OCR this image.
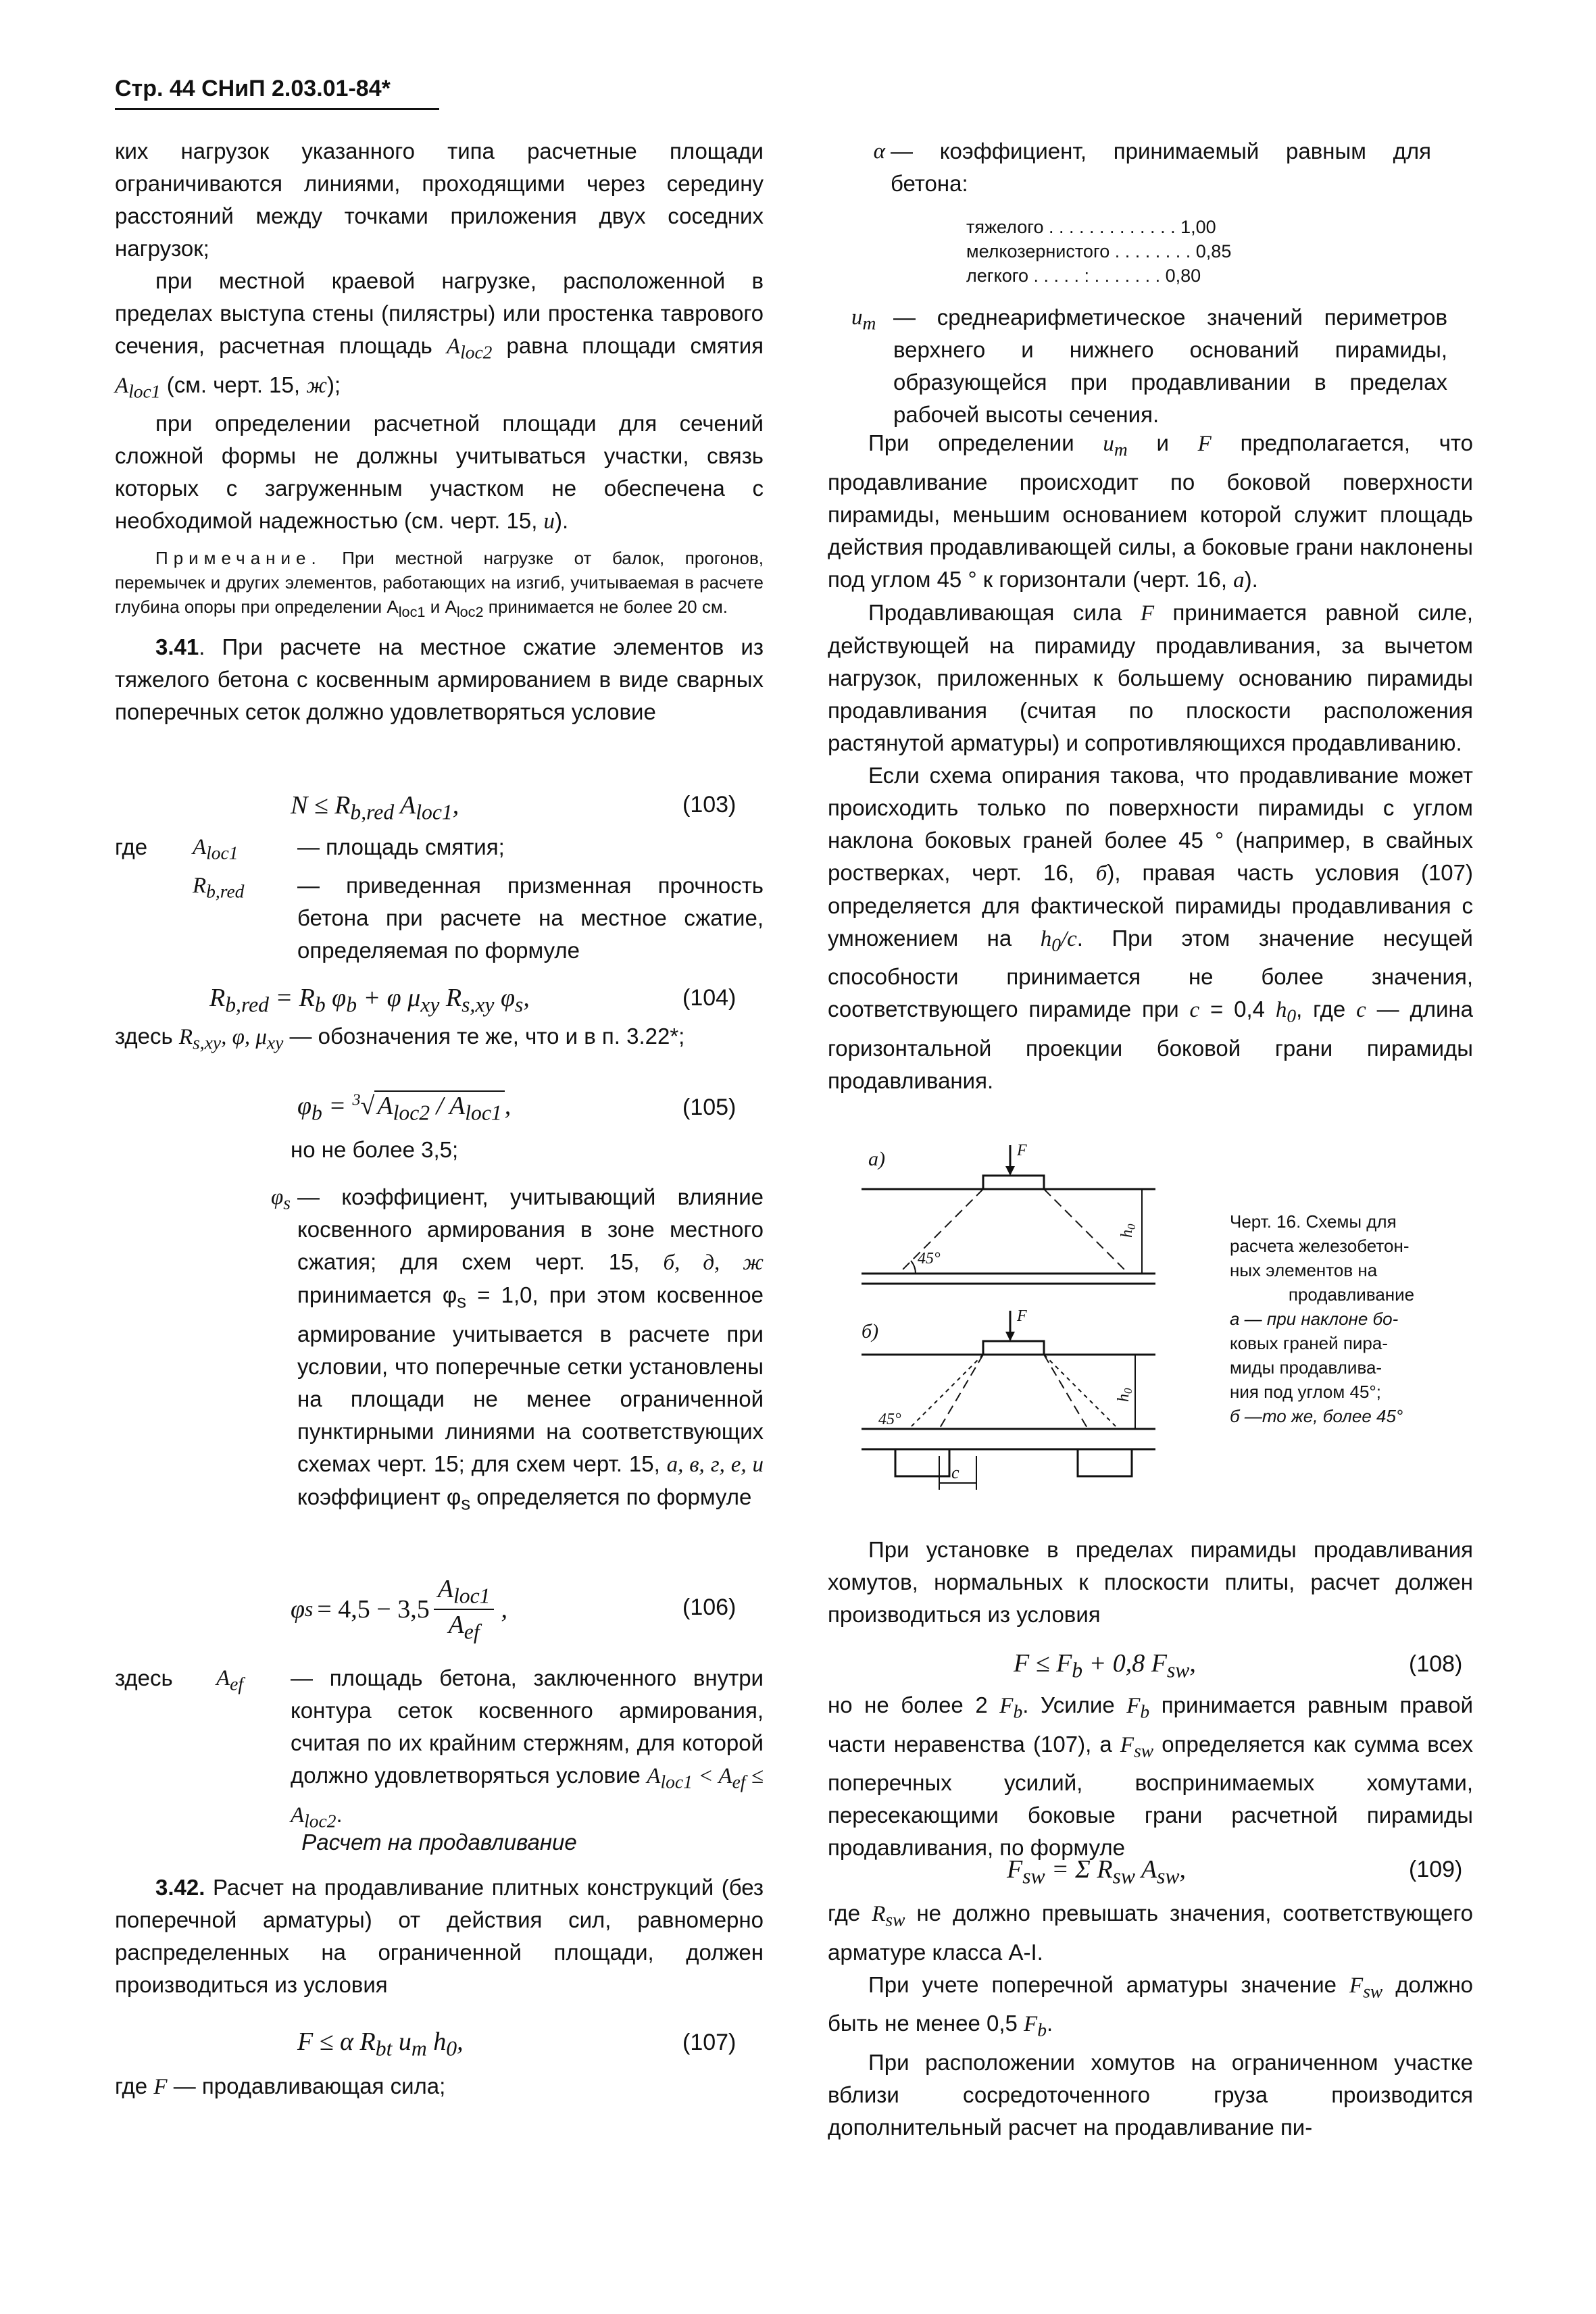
Стр. 44 СНиП 2.03.01-84*

ких нагрузок указанного типа расчетные площади ограничиваются линиями, проходящими через середину расстояний между точками приложения двух соседних нагрузок;

при местной краевой нагрузке, расположенной в пределах выступа стены (пилястры) или простенка таврового сечения, расчетная площадь $A_{loc2}$ равна площади смятия $A_{loc1}$ (см. черт. 15, ж);

при определении расчетной площади для сечений сложной формы не должны учитываться участки, связь которых с загруженным участком не обеспечена с необходимой надежностью (см. черт. 15, u).

Примечание. При местной нагрузке от балок, прогонов, перемычек и других элементов, работающих на изгиб, учитываемая в расчете глубина опоры при определении $A_{loc1}$ и $A_{loc2}$ принимается не более 20 см.

3.41. При расчете на местное сжатие элементов из тяжелого бетона с косвенным армированием в виде сварных поперечных сеток должно удовлетворяться условие

$N \le R_{b,red}$ $A_{loc1}$,	(103)
где	$A_{loc1}$	— площадь смятия;
$R_{b,red}$	— приведенная призменная прочность бетона при расчете на местное сжатие, определяемая по формуле
$R_{b,red} = R_b$ $\varphi_b + \varphi$ $\mu_{xy}$ $R_{s,xy}$ $\varphi_s$,	(104)
здесь $R_{s,xy}$, φ, $\mu_{xy}$ — обозначения те же, что и в п. 3.22*;
$\varphi_b = ^3√$ $A_{loc2} / A_{loc1}$ ,	(105)
но не более 3,5;
$\varphi_s$ — коэффициент, учитывающий влияние косвенного армирования в зоне местного сжатия; для схем черт. 15, б, д, ж принимается $\varphi_s = 1,0$, при этом косвенное армирование учитывается в расчете при условии, что поперечные сетки установлены на площади не менее ограниченной пунктирными линиями на соответствующих схемах черт. 15; для схем черт. 15, а, в, г, е, и коэффициент $\varphi_s$ определяется по формуле
φ s = 4,5 − 3,5
$A_{loc1}$
$A_{ef}$
,	(106)
здесь	$A_{ef}$	— площадь бетона, заключенного внутри контура сеток косвенного армирования, считая по их крайним стержням, для которой должно удовлетворяться условие $A_{loc1} < A_{ef} \le A_{loc2}$.
Расчет на продавливание

3.42. Расчет на продавливание плитных конструкций (без поперечной арматуры) от действия сил, равномерно распределенных на ограниченной площади, должен производиться из условия

F ≤ α $R_{bt}$ $u_m$ $h_0$,	(107)
где F — продавливающая сила;
α — коэффициент, принимаемый равным для бетона:
тяжелого . . . . . . . . . . . . . 1,00
мелкозернистого . . . . . . . . 0,85
легкого . . . . . : . . . . . . . 0,80
$u_m$ — среднеарифметическое значений периметров верхнего и нижнего оснований пирамиды, образующейся при продавливании в пределах рабочей высоты сечения.

При определении $u_m$ и F предполагается, что продавливание происходит по боковой поверхности пирамиды, меньшим основанием которой служит площадь действия продавливающей силы, а боковые грани наклонены под углом 45 ° к горизонтали (черт. 16, а).

Продавливающая сила F принимается равной силе, действующей на пирамиду продавливания, за вычетом нагрузок, приложенных к большему основанию пирамиды продавливания (считая по плоскости расположения растянутой арматуры) и сопротивляющихся продавливанию.

Если схема опирания такова, что продавливание может происходить только по поверхности пирамиды с углом наклона боковых граней более 45 ° (например, в свайных ростверках, черт. 16, б), правая часть условия (107) определяется для фактической пирамиды продавливания с умножением на $h_0/c$. При этом значение несущей способности принимается не более значения, соответствующего пирамиде при c = 0,4 $h_0$, где c — длина горизонтальной проекции боковой грани пирамиды продавливания.

а)	F
45°
$h_0$
б)
F
45°
$h_0$
c
Черт. 16. Схемы для
расчета железобетон-
ных элементов на
продавливание
а — при наклоне бо-
ковых граней пира-
миды продавлива-
ния под углом 45°;
б —то же, более 45°

При установке в пределах пирамиды продавливания хомутов, нормальных к плоскости плиты, расчет должен производиться из условия

$F \le F_b + 0,8$ $F_{sw}$,	(108)

но не более 2 $F_b$. Усилие $F_b$ принимается равным правой части неравенства (107), а $F_{sw}$ определяется как сумма всех поперечных усилий, воспринимаемых хомутами, пересекающими боковые грани расчетной пирамиды продавливания, по формуле

$F_{sw} = \Sigma$ $R_{sw}$ $A_{sw}$,	(109)

где $R_{sw}$ не должно превышать значения, соответствующего арматуре класса А-I.

При учете поперечной арматуры значение $F_{sw}$ должно быть не менее 0,5 $F_b$.

При расположении хомутов на ограниченном участке вблизи сосредоточенного груза производится дополнительный расчет на продавливание пи-
